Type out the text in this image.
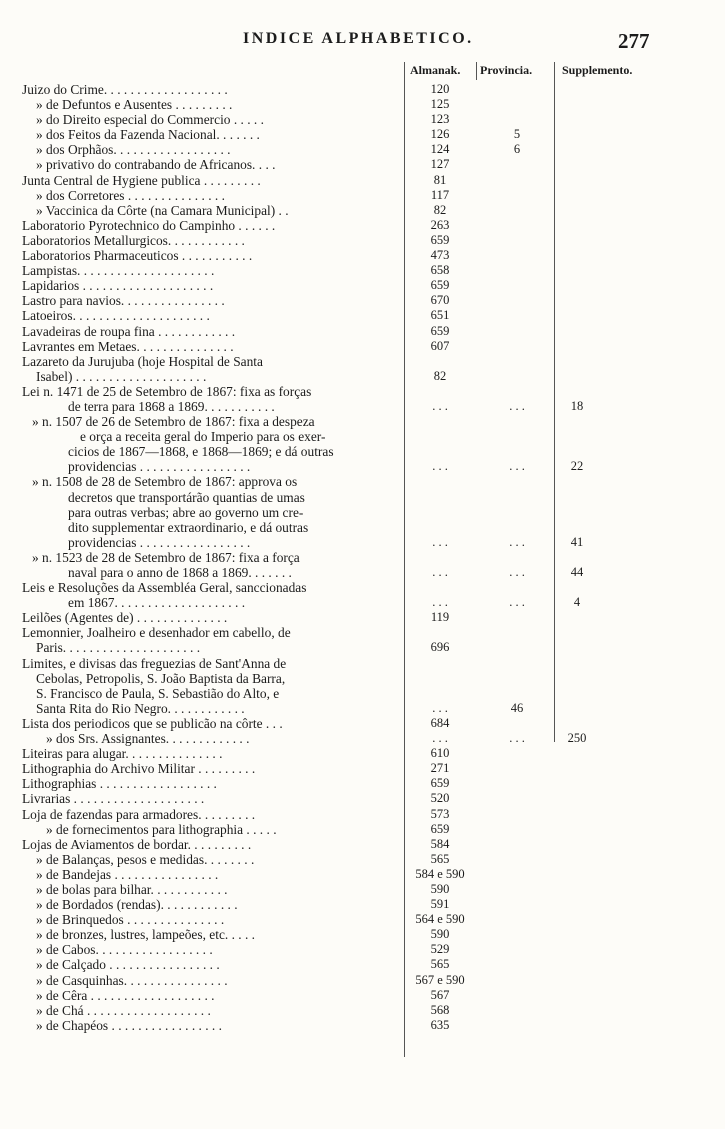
INDICE ALPHABETICO.	277
Almanak. Provincia. Supplemento.
Juizo do Crime. . . . . . . . . . . . . . . . . . .	120
» de Defuntos e Ausentes . . . . . . . . .	125
» do Direito especial do Commercio . . . . .	123
» dos Feitos da Fazenda Nacional. . . . . . .	126	5
» dos Orphãos. . . . . . . . . . . . . . . . . .	124	6
» privativo do contrabando de Africanos. . . .	127
Junta Central de Hygiene publica . . . . . . . . .	81
» dos Corretores . . . . . . . . . . . . . . .	117
» Vaccinica da Côrte (na Camara Municipal) . .	82
Laboratorio Pyrotechnico do Campinho . . . . . .	263
Laboratorios Metallurgicos. . . . . . . . . . . .	659
Laboratorios Pharmaceuticos . . . . . . . . . . .	473
Lampistas. . . . . . . . . . . . . . . . . . . . .	658
Lapidarios . . . . . . . . . . . . . . . . . . . .	659
Lastro para navios. . . . . . . . . . . . . . . .	670
Latoeiros. . . . . . . . . . . . . . . . . . . . .	651
Lavadeiras de roupa fina . . . . . . . . . . . .	659
Lavrantes em Metaes. . . . . . . . . . . . . . .	607
Lazareto da Jurujuba (hoje Hospital de Santa
Isabel) . . . . . . . . . . . . . . . . . . . .	82
Lei n. 1471 de 25 de Setembro de 1867: fixa as forças
de terra para 1868 a 1869. . . . . . . . . . .	. . .	. . .	18
» n. 1507 de 26 de Setembro de 1867: fixa a despeza
e orça a receita geral do Imperio para os exer-
cicios de 1867—1868, e 1868—1869; e dá outras
providencias . . . . . . . . . . . . . . . . .	. . .	. . .	22
» n. 1508 de 28 de Setembro de 1867: approva os
decretos que transportárão quantias de umas
para outras verbas; abre ao governo um cre-
dito supplementar extraordinario, e dá outras
providencias . . . . . . . . . . . . . . . . .	. . .	. . .	41
» n. 1523 de 28 de Setembro de 1867: fixa a força
naval para o anno de 1868 a 1869. . . . . . .	. . .	. . .	44
Leis e Resoluções da Assembléa Geral, sanccionadas
em 1867. . . . . . . . . . . . . . . . . . . .	. . .	. . .	4
Leilões (Agentes de) . . . . . . . . . . . . . .	119
Lemonnier, Joalheiro e desenhador em cabello, de
Paris. . . . . . . . . . . . . . . . . . . . .	696
Limites, e divisas das freguezias de Sant'Anna de
Cebolas, Petropolis, S. João Baptista da Barra,
S. Francisco de Paula, S. Sebastião do Alto, e
Santa Rita do Rio Negro. . . . . . . . . . . .	. . .	46
Lista dos periodicos que se publicão na côrte . . .	684
» dos Srs. Assignantes. . . . . . . . . . . . .	. . .	. . .	250
Liteiras para alugar. . . . . . . . . . . . . . .	610
Lithographia do Archivo Militar . . . . . . . . .	271
Lithographias . . . . . . . . . . . . . . . . . .	659
Livrarias . . . . . . . . . . . . . . . . . . . .	520
Loja de fazendas para armadores. . . . . . . . .	573
» de fornecimentos para lithographia . . . . .	659
Lojas de Aviamentos de bordar. . . . . . . . . .	584
» de Balanças, pesos e medidas. . . . . . . .	565
» de Bandejas . . . . . . . . . . . . . . . .	584 e 590
» de bolas para bilhar. . . . . . . . . . . .	590
» de Bordados (rendas). . . . . . . . . . . .	591
» de Brinquedos . . . . . . . . . . . . . . .	564 e 590
» de bronzes, lustres, lampeões, etc. . . . .	590
» de Cabos. . . . . . . . . . . . . . . . . .	529
» de Calçado . . . . . . . . . . . . . . . . .	565
» de Casquinhas. . . . . . . . . . . . . . . .	567 e 590
» de Cêra . . . . . . . . . . . . . . . . . . .	567
» de Chá . . . . . . . . . . . . . . . . . . .	568
» de Chapéos . . . . . . . . . . . . . . . . .	635
